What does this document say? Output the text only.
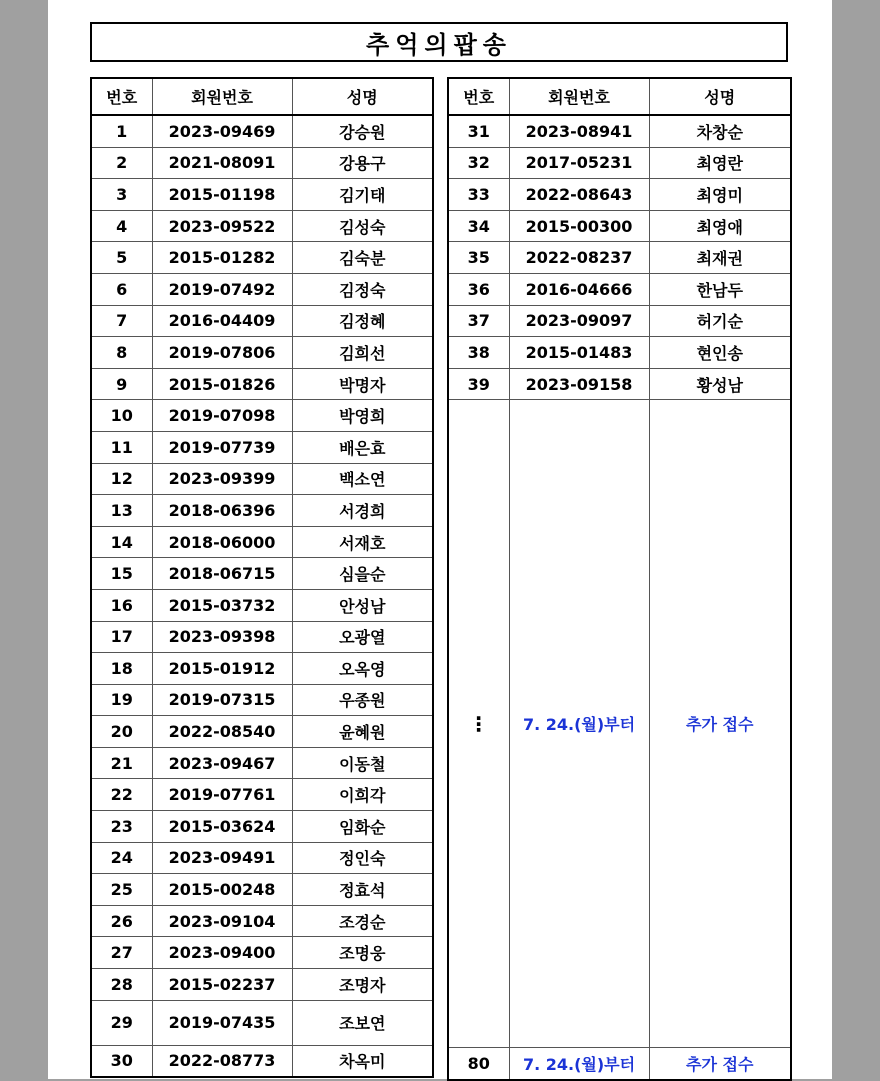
추억의팝송
번호	회원번호	성명
1	2023-09469	강승원
2	2021-08091	강용구
3	2015-01198	김기태
4	2023-09522	김성숙
5	2015-01282	김숙분
6	2019-07492	김정숙
7	2016-04409	김정혜
8	2019-07806	김희선
9	2015-01826	박명자
10	2019-07098	박영희
11	2019-07739	배은효
12	2023-09399	백소연
13	2018-06396	서경희
14	2018-06000	서재호
15	2018-06715	심을순
16	2015-03732	안성남
17	2023-09398	오광열
18	2015-01912	오옥영
19	2019-07315	우종원
20	2022-08540	윤혜원
21	2023-09467	이동철
22	2019-07761	이희각
23	2015-03624	임화순
24	2023-09491	정인숙
25	2015-00248	정효석
26	2023-09104	조경순
27	2023-09400	조명웅
28	2015-02237	조명자
29	2019-07435	조보연
30	2022-08773	차옥미
번호	회원번호	성명
31	2023-08941	차창순
32	2017-05231	최영란
33	2022-08643	최영미
34	2015-00300	최영애
35	2022-08237	최재권
36	2016-04666	한남두
37	2023-09097	허기순
38	2015-01483	현인송
39	2023-09158	황성남
⋮	7. 24.(월)부터	추가 접수
80	7. 24.(월)부터	추가 접수
